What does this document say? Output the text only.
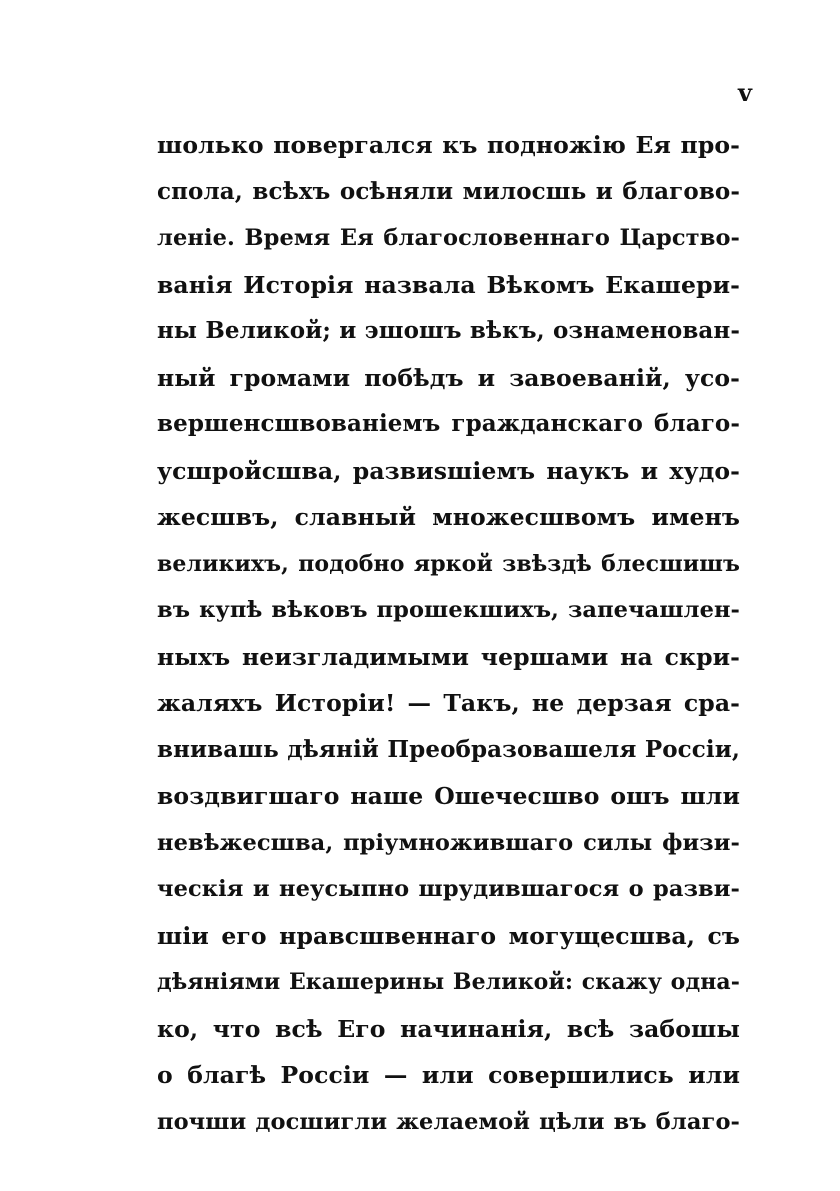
v
шолько повергался къ подножію Ея про-
спола, всѣхъ осѣняли милосшь и благово-
леніе. Время Ея благословеннаго Царство-
ванія Исторія назвала Вѣкомъ Екашери-
ны Великой; и эшошъ вѣкъ, ознаменован-
ный громами побѣдъ и завоеваній, усо-
вершенсшвованіемъ гражданскаго благо-
усшройсшва, развиsшіемъ наукъ и худо-
жесшвъ, славный множесшвомъ именъ
великихъ, подобно яркой звѣздѣ блесшишъ
въ купѣ вѣковъ прошекшихъ, запечашлен-
ныхъ неизгладимыми чершами на скри-
жаляхъ Исторіи! — Такъ, не дерзая сра-
внивашь дѣяній Преобразовашеля Россіи,
воздвигшаго наше Ошечесшво ошъ шли
невѣжесшва, пріумножившаго силы физи-
ческія и неусыпно шрудившагося о разви-
шіи его нравсшвеннаго могущесшва, съ
дѣяніями Екашерины Великой: скажу одна-
ко, что всѣ Его начинанія, всѣ забошы
о благѣ Россіи — или совершились или
почши досшигли желаемой цѣли въ благо-
